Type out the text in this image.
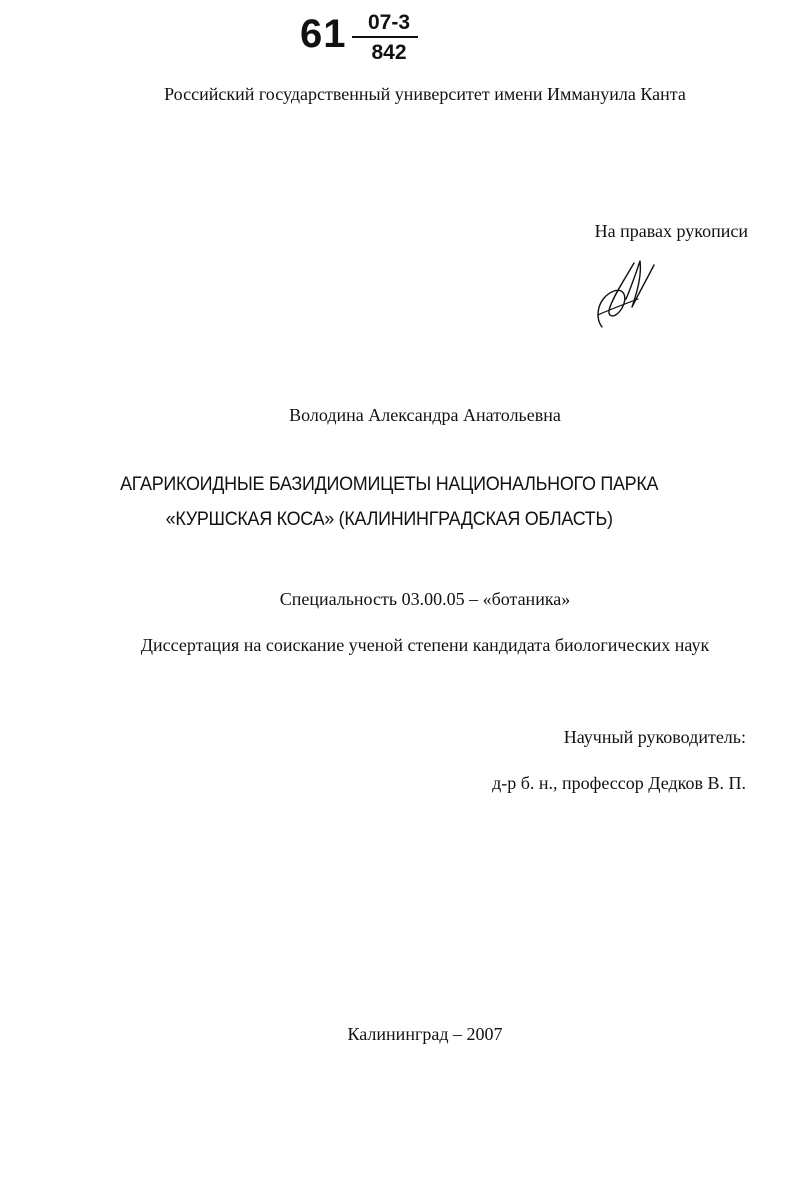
61	07-3
842
Российский государственный университет имени Иммануила Канта
На правах рукописи
Володина Александра Анатольевна
АГАРИКОИДНЫЕ БАЗИДИОМИЦЕТЫ НАЦИОНАЛЬНОГО ПАРКА
«КУРШСКАЯ КОСА» (КАЛИНИНГРАДСКАЯ ОБЛАСТЬ)
Специальность 03.00.05 – «ботаника»
Диссертация на соискание ученой степени кандидата биологических наук
Научный руководитель:
д-р б. н., профессор Дедков В. П.
Калининград – 2007
